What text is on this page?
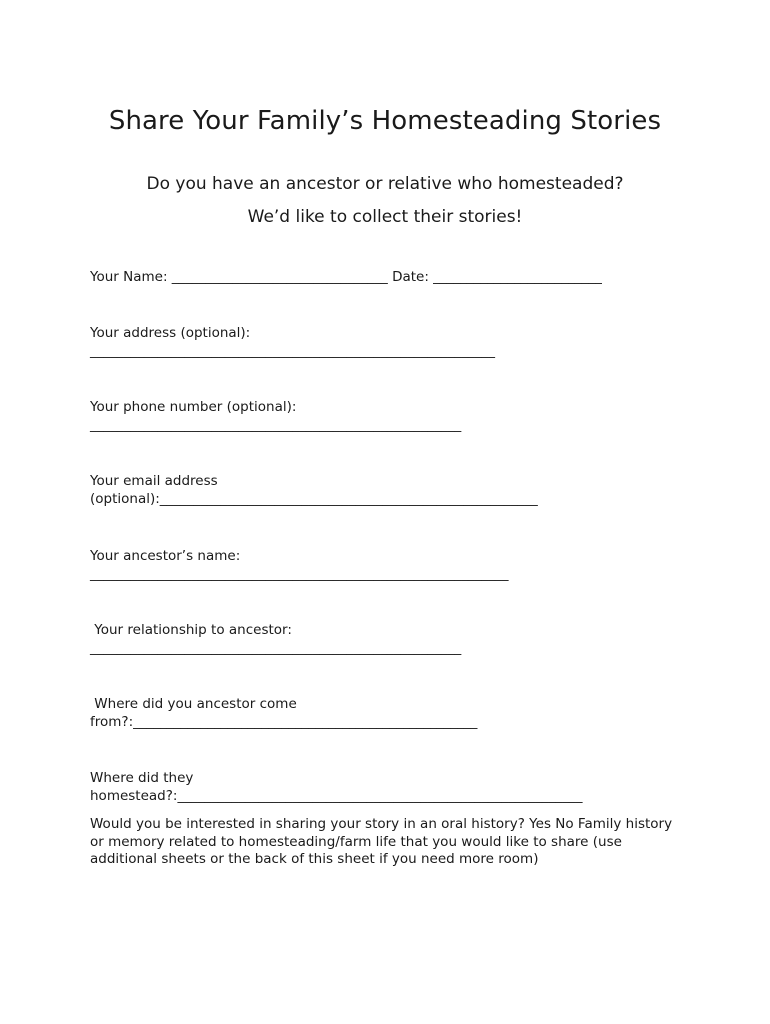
Share Your Family’s Homesteading Stories
Do you have an ancestor or relative who homesteaded?
We’d like to collect their stories!
Your Name: ________________________________ Date: _________________________
Your address (optional):
____________________________________________________________
Your phone number (optional):
_______________________________________________________
Your email address
(optional):________________________________________________________
Your ancestor’s name:
______________________________________________________________
Your relationship to ancestor:
_______________________________________________________
Where did you ancestor come
from?:___________________________________________________
Where did they
homestead?:____________________________________________________________
Would you be interested in sharing your story in an oral history? Yes No Family history or memory related to homesteading/farm life that you would like to share (use additional sheets or the back of this sheet if you need more room)
